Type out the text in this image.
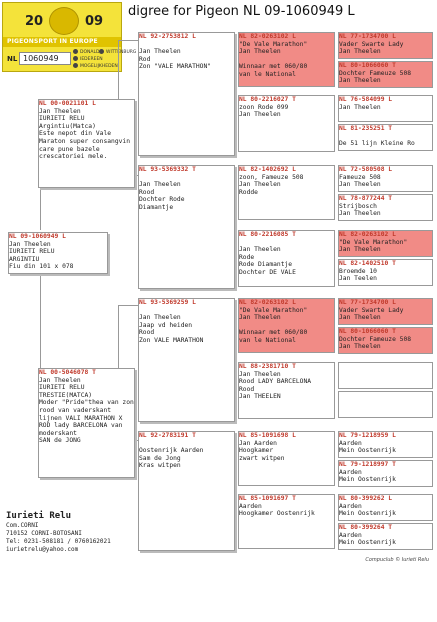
20	09
PIGEONSPORT IN EUROPE
NL 1060949
DONALD
IEDEREEN
MOGELIJKHEDEN
WITTENBURG
digree for Pigeon NL 09-1060949 L
NL 09-1060949 L
Jan Theelen
IURIETI RELU
ARGINTIU
Fiu din 101 x 078
NL 00-0021101 L
Jan Theelen
IURIETI RELU
Argintiu(Matca)
Este nepot din Vale Maraton super consangvin care pune bazele crescatoriei mele.
NL 00-5046078 T
Jan Theelen
IURIETI RELU
TRESTIE(MATCA)
Moder "Pride"thea van zon rood van vaderskant lijnen VALI MARATHON X ROD lady BARCELONA van moderskant
SAN de JONG
NL 92-2753812 L

Jan Theelen
Rod
Zon "VALE MARATHON"
NL 93-5369332 T

Jan Theelen
Rood
Dochter Rode
Diamantje
NL 93-5369259 L

Jan Theelen
Jaap vd heiden
Rood
Zon VALE MARATHON
NL 92-2783191 T

Oostenrijk Aarden
Sam de Jong
Kras witpen
NL 82-0263102 L
"De Vale Marathon"
Jan Theelen

Winnaar met 060/80
van le National
NL 80-2216027 T
zoon Rode 099
Jan Theelen
NL 82-1402692 L
zoon, Fameuze 508
Jan Theelen
Rodde
NL 80-2216085 T

Jan Theelen
Rode
Rode Diamantje
Dochter DE VALE
NL 82-0263102 L
"De Vale Marathon"
Jan Theelen

Winnaar met 060/80
van le National
NL 88-2381710 T
Jan Theelen
Rood LADY BARCELONA
Rood
Jan THEELEN
NL 85-1091698 L
Jan Aarden
Hoogkamer
zwart witpen
NL 85-1091697 T
Aarden
Hoogkamer Oostenrijk
NL 77-1734700 L
Vader Swarte Lady
Jan Theelen
NL 80-1066060 T
Dochter Fameuze 508
Jan Theelen
NL 76-584099 L
Jan Theelen
NL 81-235251 T

De 51 lijn Kleine Ro
NL 72-580508 L
Fameuze 508
Jan Theelen
NL 78-877244 T
Strijbosch
Jan Theelen
NL 82-0263102 L
"De Vale Marathon"
Jan Theelen
NL 82-1402510 T
Broemde 10
Jan Teelen
NL 77-1734700 L
Vader Swarte Lady
Jan Theelen
NL 80-1066060 T
Dochter Fameuze 508
Jan Theelen
NL 79-1218959 L
Aarden
Mein Oostenrijk
NL 79-1218997 T
Aarden
Mein Oostenrijk
NL 80-399262 L
Aarden
Mein Oostenrijk
NL 80-399264 T
Aarden
Mein Oostenrijk
Iurieti Relu
Com.CORNI
710152 CORNI-BOTOSANI
Tel: 0231-508181 / 0760162021
iurietrelu@yahoo.com
Compuclub © Iurieti Relu
